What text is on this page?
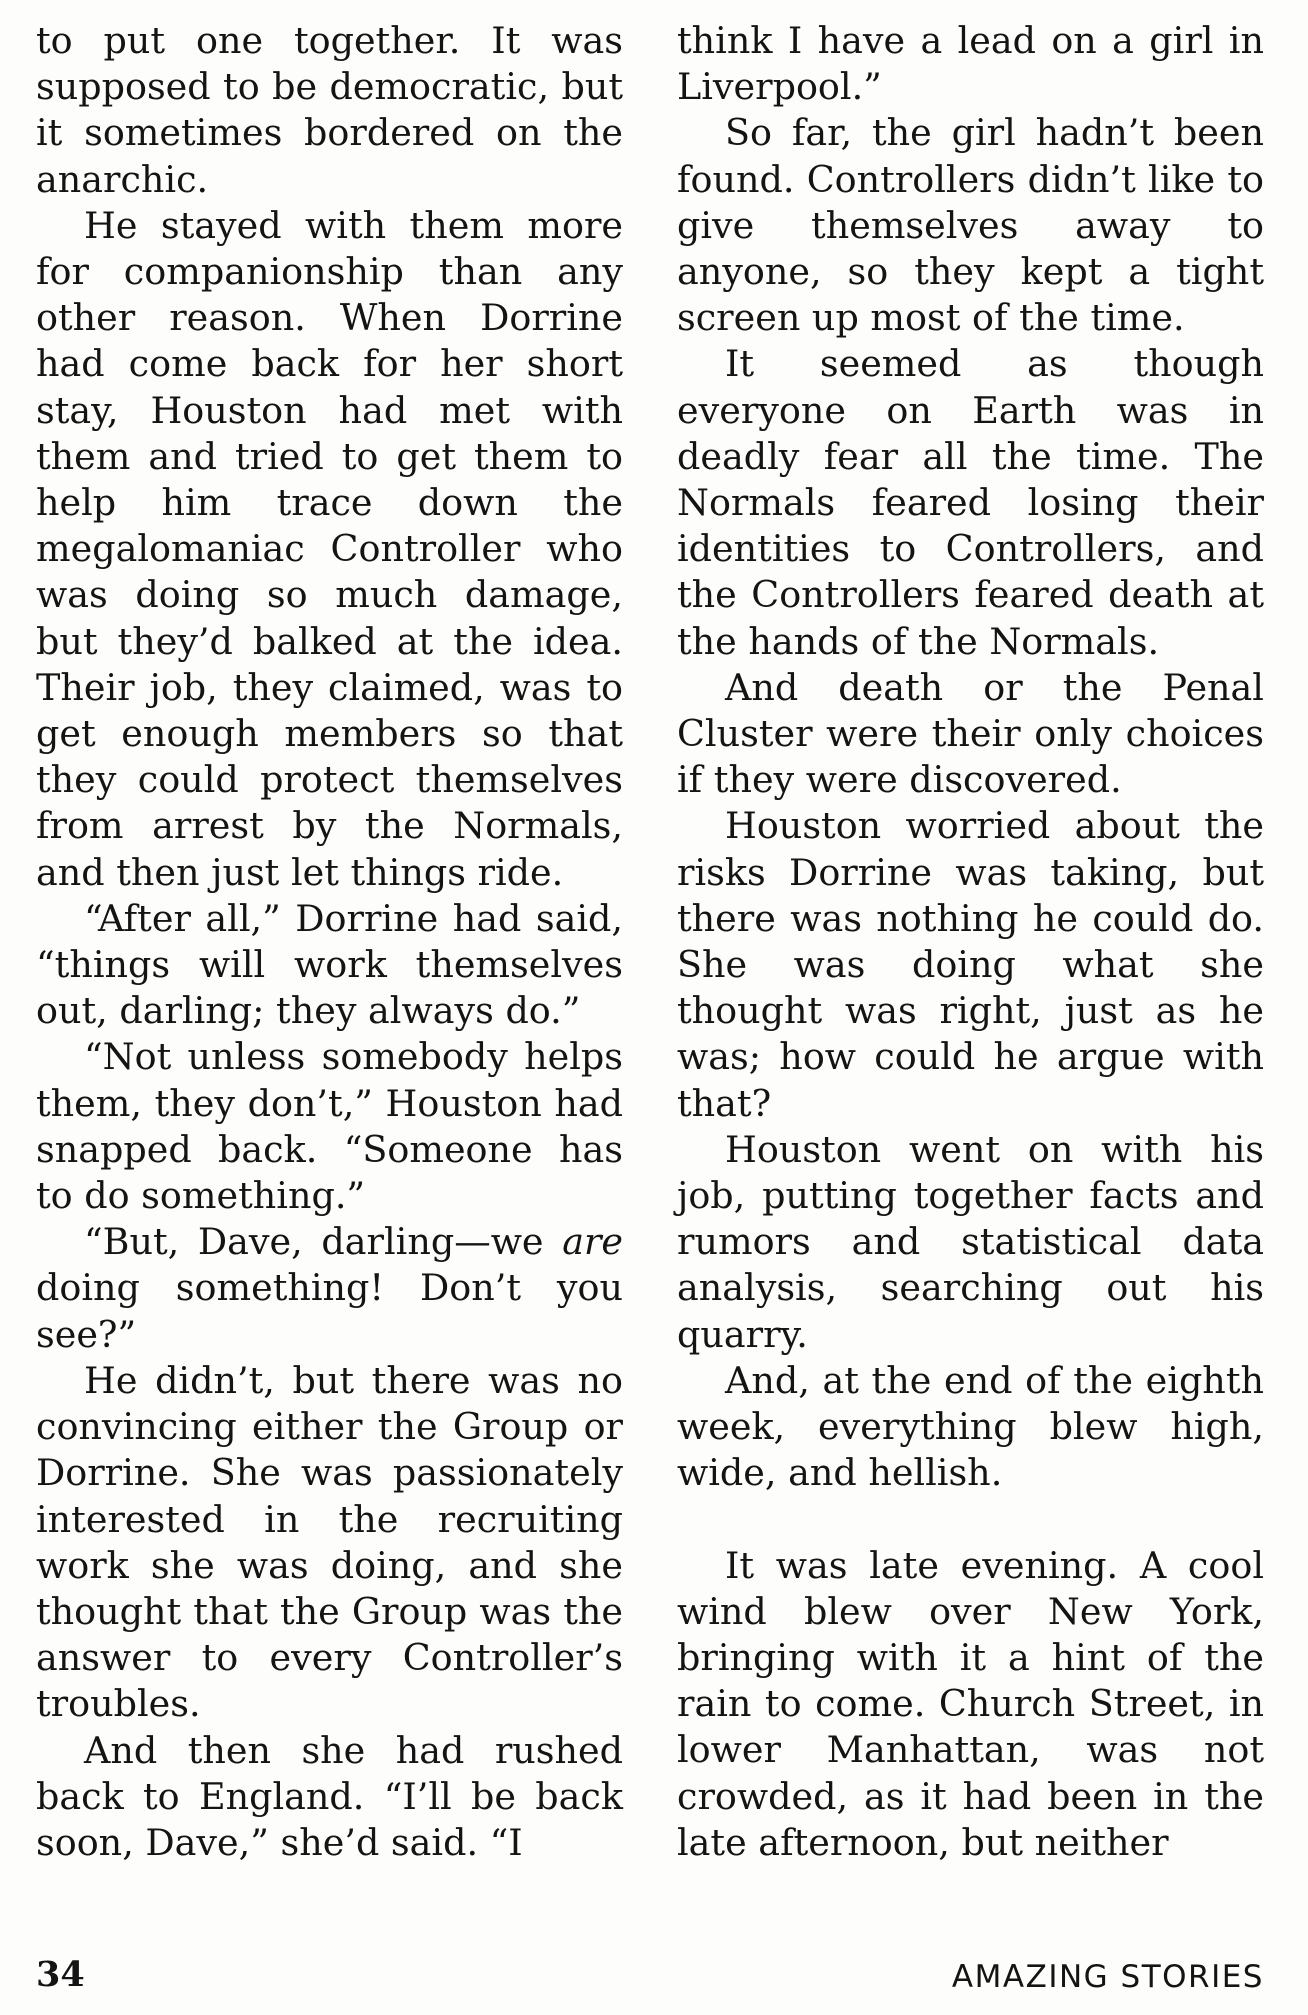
to put one together. It was supposed to be democratic, but it sometimes bordered on the anarchic.

He stayed with them more for companionship than any other reason. When Dorrine had come back for her short stay, Houston had met with them and tried to get them to help him trace down the megalomaniac Controller who was doing so much damage, but they’d balked at the idea. Their job, they claimed, was to get enough members so that they could protect themselves from arrest by the Normals, and then just let things ride.

“After all,” Dorrine had said, “things will work themselves out, darling; they always do.”

“Not unless somebody helps them, they don’t,” Houston had snapped back. “Someone has to do something.”

“But, Dave, darling—we are doing something! Don’t you see?”

He didn’t, but there was no convincing either the Group or Dorrine. She was passionately interested in the recruiting work she was doing, and she thought that the Group was the answer to every Controller’s troubles.

And then she had rushed back to England. “I’ll be back soon, Dave,” she’d said. “I

think I have a lead on a girl in Liverpool.”

So far, the girl hadn’t been found. Controllers didn’t like to give themselves away to anyone, so they kept a tight screen up most of the time.

It seemed as though everyone on Earth was in deadly fear all the time. The Normals feared losing their identities to Controllers, and the Controllers feared death at the hands of the Normals.

And death or the Penal Cluster were their only choices if they were discovered.

Houston worried about the risks Dorrine was taking, but there was nothing he could do. She was doing what she thought was right, just as he was; how could he argue with that?

Houston went on with his job, putting together facts and rumors and statistical data analysis, searching out his quarry.

And, at the end of the eighth week, everything blew high, wide, and hellish.

It was late evening. A cool wind blew over New York, bringing with it a hint of the rain to come. Church Street, in lower Manhattan, was not crowded, as it had been in the late afternoon, but neither

34	AMAZING STORIES
